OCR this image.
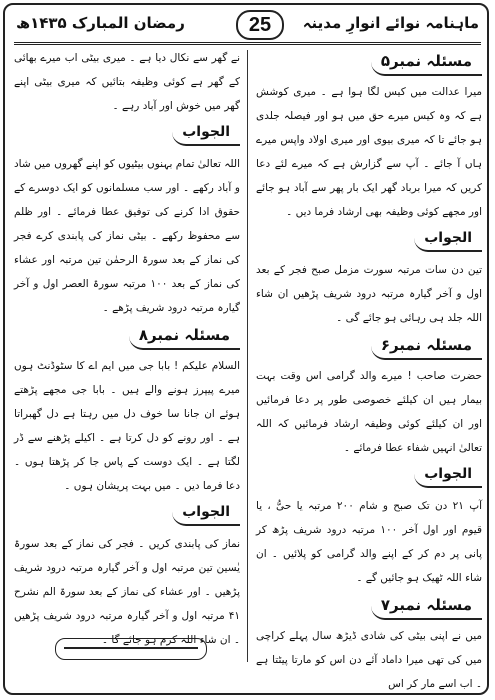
رمضان المبارک ۱۴۳۵ھ	25	ماہنامہ نوائے انوارِ مدینہ
مسئلہ نمبر۵

میرا عدالت میں کیس لگا ہوا ہے ۔ میری کوشش ہے کہ وہ کیس میرے حق میں ہو اور فیصلہ جلدی ہو جائے تا کہ میری بیوی اور میری اولاد واپس میرے ہاں آ جائے ۔ آپ سے گزارش ہے کہ میرے لئے دعا کریں کہ میرا برباد گھر ایک بار پھر سے آباد ہو جائے اور مجھے کوئی وظیفہ بھی ارشاد فرما دیں ۔

الجواب

تین دن سات مرتبہ سورت مزمل صبح فجر کے بعد اول و آخر گیارہ مرتبہ درود شریف پڑھیں ان شاء اللہ جلد ہی رہائی ہو جائے گی ۔

مسئلہ نمبر۶

حضرت صاحب ! میرے والد گرامی اس وقت بہت بیمار ہیں ان کیلئے خصوصی طور پر دعا فرمائیں اور ان کیلئے کوئی وظیفہ ارشاد فرمائیں کہ اللہ تعالیٰ انہیں شفاء عطا فرمائے ۔

الجواب

آپ ۲۱ دن تک صبح و شام ۲۰۰ مرتبہ یا حیُّ ، یا قیوم اور اول آخر ۱۰۰ مرتبہ درود شریف پڑھ کر پانی پر دم کر کے اپنے والد گرامی کو پلائیں ۔ ان شاء اللہ ٹھیک ہو جائیں گے ۔

مسئلہ نمبر۷

میں نے اپنی بیٹی کی شادی ڈیڑھ سال پہلے کراچی میں کی تھی میرا داماد آئے دن اس کو مارتا پیٹتا ہے ۔ اب اسے مار کر اس

نے گھر سے نکال دیا ہے ۔ میری بیٹی اب میرے بھائی کے گھر ہے کوئی وظیفہ بتائیں کہ میری بیٹی اپنے گھر میں خوش اور آباد رہے ۔

الجواب

اللہ تعالیٰ تمام بہنوں بیٹیوں کو اپنے گھروں میں شاد و آباد رکھے ۔ اور سب مسلمانوں کو ایک دوسرے کے حقوق ادا کرنے کی توفیق عطا فرمائے ۔ اور ظلم سے محفوظ رکھے ۔ بیٹی نماز کی پابندی کرے فجر کی نماز کے بعد سورۃ الرحمٰن تین مرتبہ اور عشاء کی نماز کے بعد ۱۰۰ مرتبہ سورۃ العصر اول و آخر گیارہ مرتبہ درود شریف پڑھے ۔

مسئلہ نمبر۸

السلام علیکم ! بابا جی میں ایم اے کا سٹوڈنٹ ہوں میرے پیپرز ہونے والے ہیں ۔ بابا جی مجھے پڑھتے ہوئے ان جانا سا خوف دل میں رہتا ہے دل گھبراتا ہے ۔ اور رونے کو دل کرتا ہے ۔ اکیلے پڑھنے سے ڈر لگتا ہے ۔ ایک دوست کے پاس جا کر پڑھتا ہوں ۔ دعا فرما دیں ۔ میں بہت پریشان ہوں ۔

الجواب

نماز کی پابندی کریں ۔ فجر کی نماز کے بعد سورۃ یٰسین تین مرتبہ اول و آخر گیارہ مرتبہ درود شریف پڑھیں ۔ اور عشاء کی نماز کے بعد سورۃ الم نشرح ۴۱ مرتبہ اول و آخر گیارہ مرتبہ درود شریف پڑھیں ۔ ان شاء اللہ کرم ہو جائے گا ۔
